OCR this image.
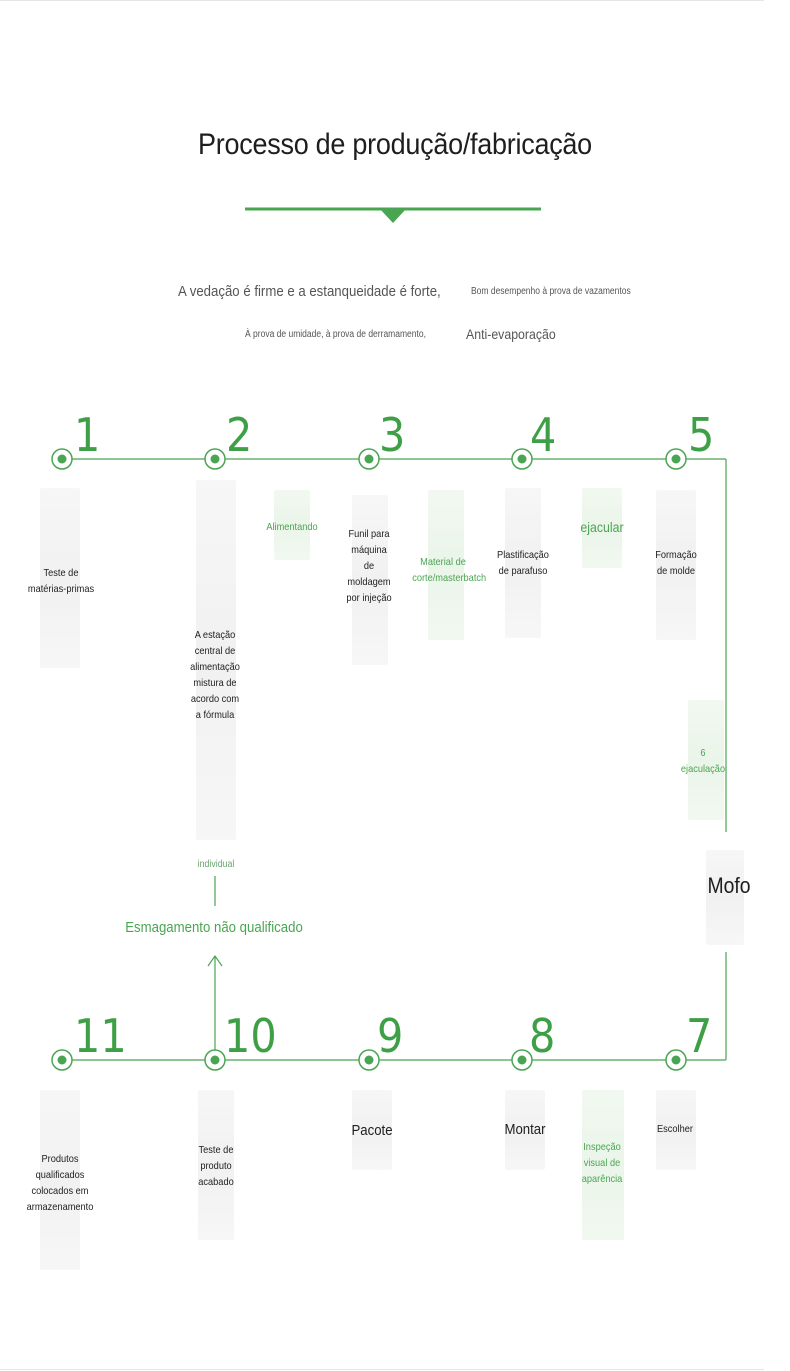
Processo de produção/fabricação
A vedação é firme e a estanqueidade é forte,	Bom desempenho à prova de vazamentos
À prova de umidade, à prova de derramamento,	Anti-evaporação
1	2	3	4	5
11 10 9	8	7
Teste de matérias-primas
A estação central de alimentação mistura de acordo com a fórmula
Alimentando
Funil para máquina de moldagem por injeção
Material de corte/masterbatch
Plastificação de parafuso
ejacular
Formação de molde
6 ejaculação
Mofo
individual
Esmagamento não qualificado
Produtos qualificados colocados em armazenamento
Teste de produto acabado
Pacote	Montar
Inspeção visual de aparência
Escolher
